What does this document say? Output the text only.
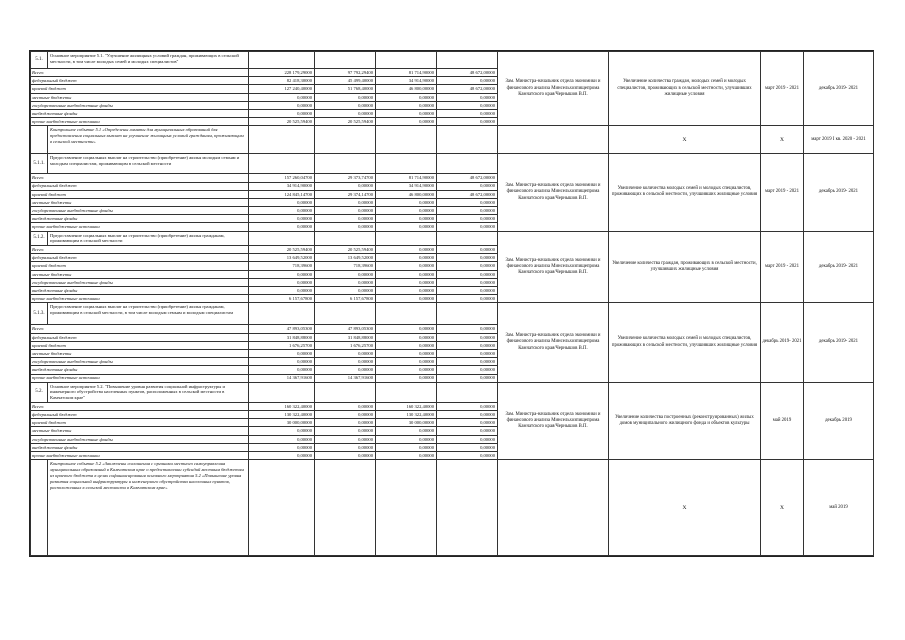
5.1.	Основное мероприятие 5.1. "Улучшение жилищных условий граждан, проживающих в сельской местности, в том числе молодых семей и молодых специалистов"					Зам. Министра-начальник отдела экономики и финансового анализа Минсельхозпищепрома Камчатского края/Чернышов В.П.	Увеличение количества граждан, молодых семей и молодых специалистов, проживающих в сельской местности, улучшивших жилищные условия	март 2019 - 2021	декабрь 2019- 2021
Всего:		228 179,29000	97 792,29400	81 714,90000	48 672,00000				
федеральный бюджет		82 418,30000	45 499,40000	34 914,90000	0,00000				
краевой бюджет		127 240,40000	51 768,40000	46 800,00000	48 672,00000				
местные бюджеты		0,00000	0,00000	0,00000	0,00000				
государственные внебюджетные фонды		0,00000	0,00000	0,00000	0,00000				
внебюджетные фонды		0,00000	0,00000	0,00000	0,00000				
прочие внебюджетные источники		20 525,59400	20 525,59400	0,00000	0,00000				
	Контрольное событие 5.1 «Определены лимиты для муниципальных образований для предоставления социальных выплат на улучшение жилищных условий гражданам, проживающим в сельской местности»						Х	Х	март 2019 I кв. 2020 - 2021
5.1.1.	Предоставление социальных выплат на строительство (приобретение) жилья молодым семьям и молодым специалистам, проживающим в сельской местности					Зам. Министра-начальник отдела экономики и финансового анализа Минсельхозпищепрома Камчатского края/Чернышов В.П.	Увеличение количества молодых семей и молодых специалистов, проживающих в сельской местности, улучшивших жилищные условия	март 2019 - 2021	декабрь 2019- 2021
Всего:		157 260,04700	29 373,74700	81 714,90000	48 672,00000				
федеральный бюджет		34 914,90000	0,00000	34 914,90000	0,00000				
краевой бюджет		124 845,14700	29 374,14700	46 800,00000	48 672,00000				
местные бюджеты		0,00000	0,00000	0,00000	0,00000				
государственные внебюджетные фонды		0,00000	0,00000	0,00000	0,00000				
внебюджетные фонды		0,00000	0,00000	0,00000	0,00000				
прочие внебюджетные источники		0,00000	0,00000	0,00000	0,00000				
5.1.2.	Предоставление социальных выплат на строительство (приобретение) жилья гражданам, проживающим в сельской местности					Зам. Министра-начальник отдела экономики и финансового анализа Минсельхозпищепрома Камчатского края/Чернышов В.П.	Увеличение количества граждан, проживающих в сельской местности, улучшивших жилищные условия	март 2019 - 2021	декабрь 2019- 2021
Всего:		20 525,59400	20 525,59400	0,00000	0,00000				
федеральный бюджет		13 649,52000	13 649,52000	0,00000	0,00000				
краевой бюджет		718,39600	718,39600	0,00000	0,00000				
местные бюджеты		0,00000	0,00000	0,00000	0,00000				
государственные внебюджетные фонды		0,00000	0,00000	0,00000	0,00000				
внебюджетные фонды		0,00000	0,00000	0,00000	0,00000				
прочие внебюджетные источники		6 157,67800	6 157,67800	0,00000	0,00000				
5.1.3.	Предоставление социальных выплат на строительство (приобретение) жилья гражданам, проживающим в сельской местности, в том числе молодым семьям и молодым специалистам					Зам. Министра-начальник отдела экономики и финансового анализа Минсельхозпищепрома Камчатского края/Чернышов В.П.	Увеличение количества молодых семей и молодых специалистов, проживающих в сельской местности, улучшивших жилищные условия	декабрь 2019- 2021	декабрь 2019- 2021
Всего:		47 893,05300	47 893,05300	0,00000	0,00000				
федеральный бюджет		31 848,88000	31 848,88000	0,00000	0,00000				
краевой бюджет		1 676,25700	1 676,25700	0,00000	0,00000				
местные бюджеты		0,00000	0,00000	0,00000	0,00000				
государственные внебюджетные фонды		0,00000	0,00000	0,00000	0,00000				
внебюджетные фонды		0,00000	0,00000	0,00000	0,00000				
прочие внебюджетные источники		14 367,91600	14 367,91600	0,00000	0,00000				
5.2.	Основное мероприятие 5.2. "Повышение уровня развития социальной инфраструктуры и инженерного обустройства населенных пунктов, расположенных в сельской местности в Камчатском крае"					Зам. Министра-начальник отдела экономики и финансового анализа Минсельхозпищепрома Камчатского края/Чернышов В.П.	Увеличение количества построенных (реконструированных) жилых домов муниципального жилищного фонда и объектов культуры	май 2019	декабрь 2019
Всего:		160 322,40000	0,00000	160 322,40000	0,00000				
федеральный бюджет		130 322,40000	0,00000	130 322,40000	0,00000				
краевой бюджет		30 000,00000	0,00000	30 000,00000	0,00000				
местные бюджеты		0,00000	0,00000	0,00000	0,00000				
государственные внебюджетные фонды		0,00000	0,00000	0,00000	0,00000				
внебюджетные фонды		0,00000	0,00000	0,00000	0,00000				
прочие внебюджетные источники		0,00000	0,00000	0,00000	0,00000				
	Контрольное событие 5.2 «Заключены соглашения с органами местного самоуправления муниципальных образований в Камчатском крае о предоставлении субсидий местным бюджетам из краевого бюджета в целях софинансирования основного мероприятия 5.2 «Повышение уровня развития социальной инфраструктуры и инженерного обустройства населенных пунктов, расположенных в сельской местности в Камчатском крае»						Х	Х	май 2019
